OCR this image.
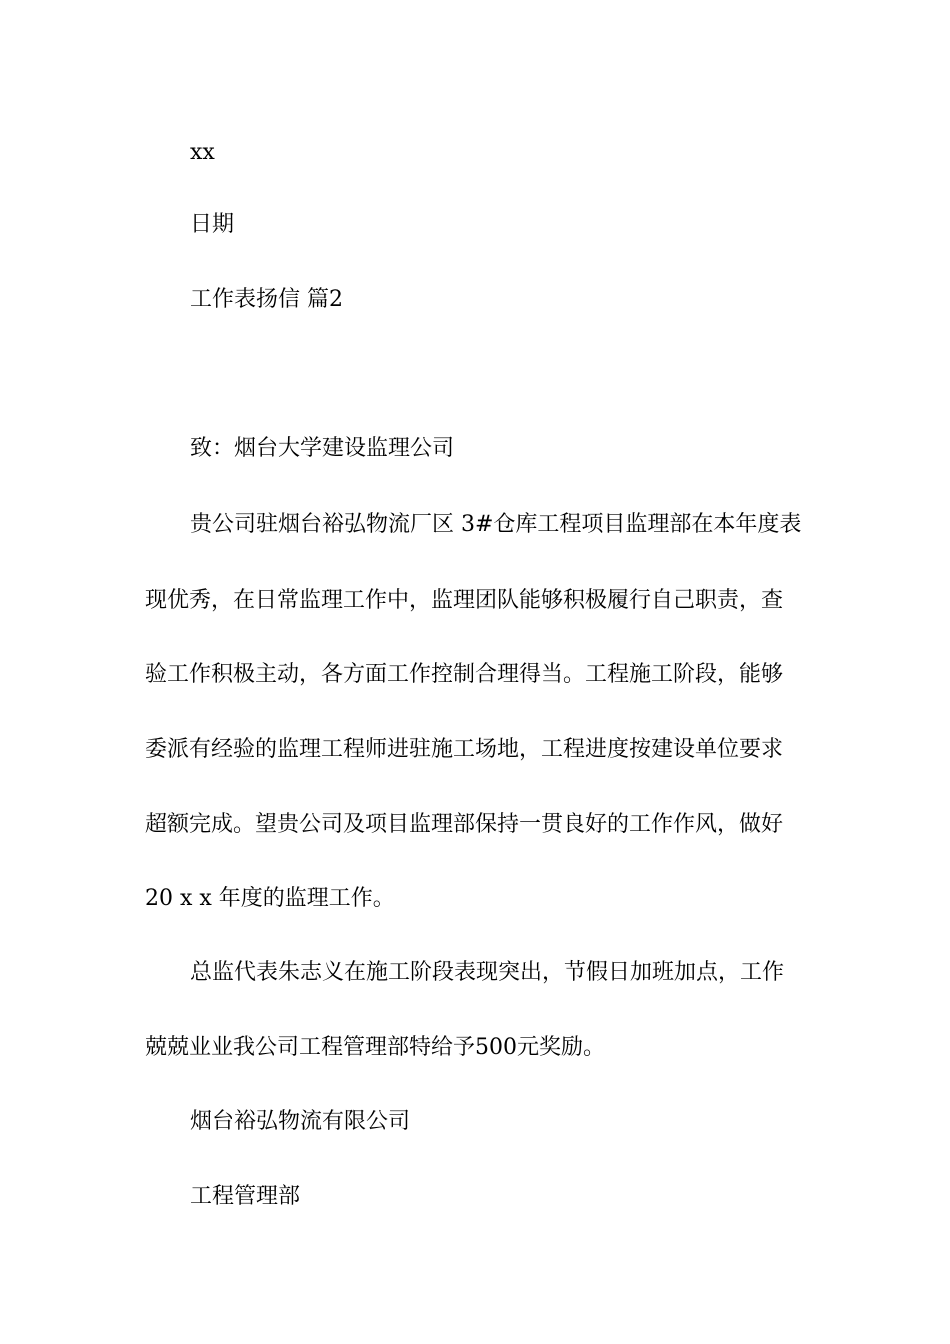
xx
日期
工作表扬信 篇2
致：烟台大学建设监理公司
贵公司驻烟台裕弘物流厂区 3#仓库工程项目监理部在本年度表
现优秀，在日常监理工作中，监理团队能够积极履行自己职责，查
验工作积极主动，各方面工作控制合理得当。工程施工阶段，能够
委派有经验的监理工程师进驻施工场地，工程进度按建设单位要求
超额完成。望贵公司及项目监理部保持一贯良好的工作作风，做好
20 x x 年度的监理工作。
总监代表朱志义在施工阶段表现突出，节假日加班加点，工作
兢兢业业我公司工程管理部特给予500元奖励。
烟台裕弘物流有限公司
工程管理部
